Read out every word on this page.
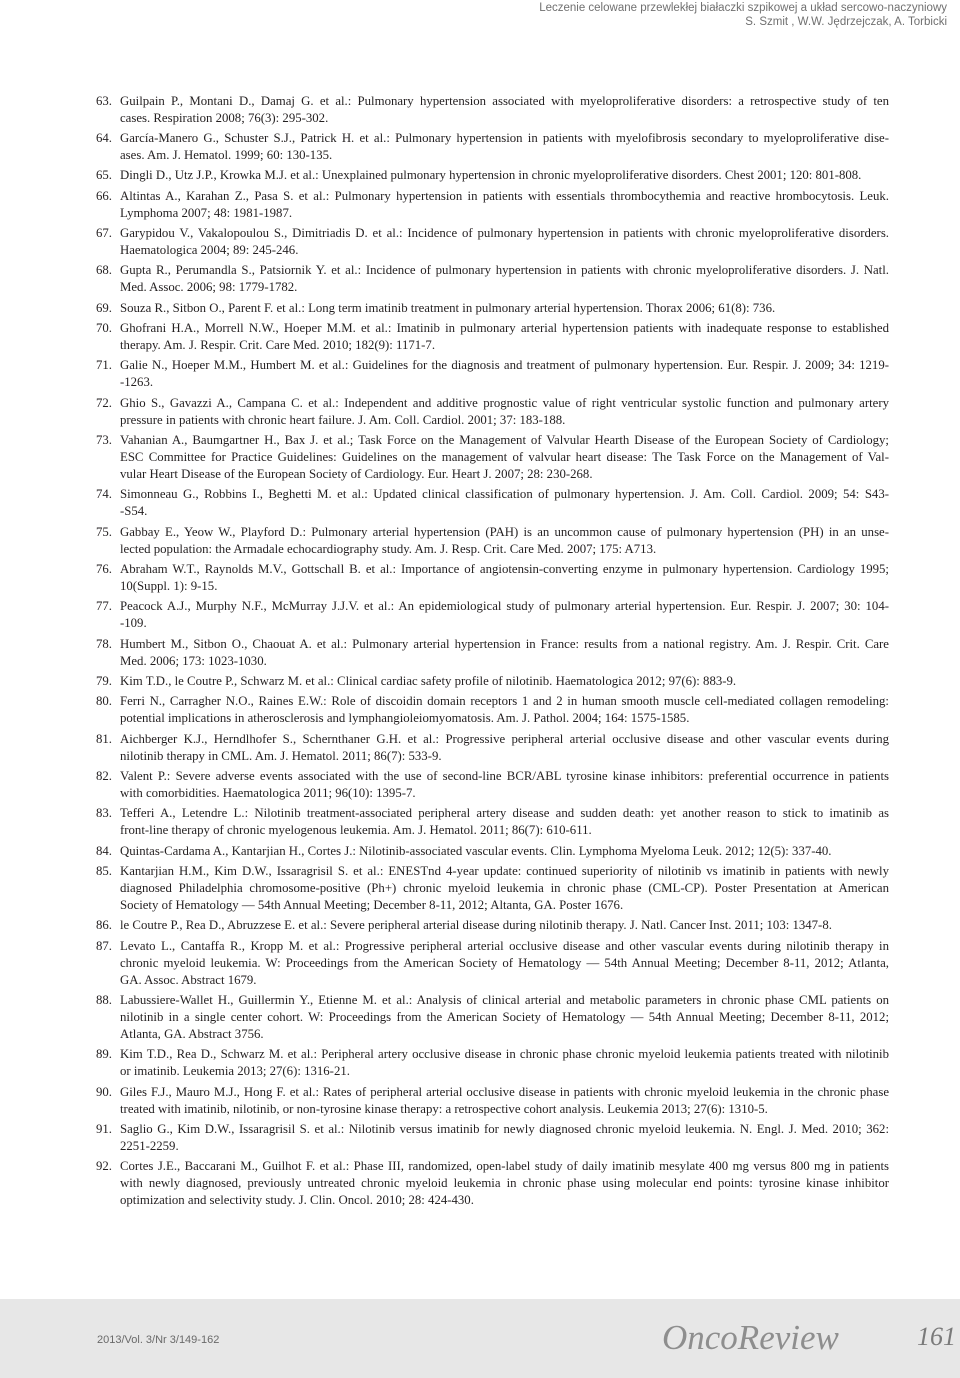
Leczenie celowane przewlekłej białaczki szpikowej a układ sercowo-naczyniowy
S. Szmit , W.W. Jędrzejczak, A. Torbicki
63. Guilpain P., Montani D., Damaj G. et al.: Pulmonary hypertension associated with myeloproliferative disorders: a retrospective study of ten
cases. Respiration 2008; 76(3): 295-302.
64. García-Manero G., Schuster S.J., Patrick H. et al.: Pulmonary hypertension in patients with myelofibrosis secondary to myeloproliferative dise-
ases. Am. J. Hematol. 1999; 60: 130-135.
65. Dingli D., Utz J.P., Krowka M.J. et al.: Unexplained pulmonary hypertension in chronic myeloproliferative disorders. Chest 2001; 120: 801-808.
66. Altintas A., Karahan Z., Pasa S. et al.: Pulmonary hypertension in patients with essentials thrombocythemia and reactive hrombocytosis. Leuk.
Lymphoma 2007; 48: 1981-1987.
67. Garypidou V., Vakalopoulou S., Dimitriadis D. et al.: Incidence of pulmonary hypertension in patients with chronic myeloproliferative disorders.
Haematologica 2004; 89: 245-246.
68. Gupta R., Perumandla S., Patsiornik Y. et al.: Incidence of pulmonary hypertension in patients with chronic myeloproliferative disorders. J. Natl.
Med. Assoc. 2006; 98: 1779-1782.
69. Souza R., Sitbon O., Parent F. et al.: Long term imatinib treatment in pulmonary arterial hypertension. Thorax 2006; 61(8): 736.
70. Ghofrani H.A., Morrell N.W., Hoeper M.M. et al.: Imatinib in pulmonary arterial hypertension patients with inadequate response to established
therapy. Am. J. Respir. Crit. Care Med. 2010; 182(9): 1171-7.
71. Galie N., Hoeper M.M., Humbert M. et al.: Guidelines for the diagnosis and treatment of pulmonary hypertension. Eur. Respir. J. 2009; 34: 1219-
-1263.
72. Ghio S., Gavazzi A., Campana C. et al.: Independent and additive prognostic value of right ventricular systolic function and pulmonary artery
pressure in patients with chronic heart failure. J. Am. Coll. Cardiol. 2001; 37: 183-188.
73. Vahanian A., Baumgartner H., Bax J. et al.; Task Force on the Management of Valvular Hearth Disease of the European Society of Cardiology;
ESC Committee for Practice Guidelines: Guidelines on the management of valvular heart disease: The Task Force on the Management of Val-
vular Heart Disease of the European Society of Cardiology. Eur. Heart J. 2007; 28: 230-268.
74. Simonneau G., Robbins I., Beghetti M. et al.: Updated clinical classification of pulmonary hypertension. J. Am. Coll. Cardiol. 2009; 54: S43-
-S54.
75. Gabbay E., Yeow W., Playford D.: Pulmonary arterial hypertension (PAH) is an uncommon cause of pulmonary hypertension (PH) in an unse-
lected population: the Armadale echocardiography study. Am. J. Resp. Crit. Care Med. 2007; 175: A713.
76. Abraham W.T., Raynolds M.V., Gottschall B. et al.: Importance of angiotensin-converting enzyme in pulmonary hypertension. Cardiology 1995;
10(Suppl. 1): 9-15.
77. Peacock A.J., Murphy N.F., McMurray J.J.V. et al.: An epidemiological study of pulmonary arterial hypertension. Eur. Respir. J. 2007; 30: 104-
-109.
78. Humbert M., Sitbon O., Chaouat A. et al.: Pulmonary arterial hypertension in France: results from a national registry. Am. J. Respir. Crit. Care
Med. 2006; 173: 1023-1030.
79. Kim T.D., le Coutre P., Schwarz M. et al.: Clinical cardiac safety profile of nilotinib. Haematologica 2012; 97(6): 883-9.
80. Ferri N., Carragher N.O., Raines E.W.: Role of discoidin domain receptors 1 and 2 in human smooth muscle cell-mediated collagen remodeling:
potential implications in atherosclerosis and lymphangioleiomyomatosis. Am. J. Pathol. 2004; 164: 1575-1585.
81. Aichberger K.J., Herndlhofer S., Schernthaner G.H. et al.: Progressive peripheral arterial occlusive disease and other vascular events during
nilotinib therapy in CML. Am. J. Hematol. 2011; 86(7): 533-9.
82. Valent P.: Severe adverse events associated with the use of second-line BCR/ABL tyrosine kinase inhibitors: preferential occurrence in patients
with comorbidities. Haematologica 2011; 96(10): 1395-7.
83. Tefferi A., Letendre L.: Nilotinib treatment-associated peripheral artery disease and sudden death: yet another reason to stick to imatinib as
front-line therapy of chronic myelogenous leukemia. Am. J. Hematol. 2011; 86(7): 610-611.
84. Quintas-Cardama A., Kantarjian H., Cortes J.: Nilotinib-associated vascular events. Clin. Lymphoma Myeloma Leuk. 2012; 12(5): 337-40.
85. Kantarjian H.M., Kim D.W., Issaragrisil S. et al.: ENESTnd 4-year update: continued superiority of nilotinib vs imatinib in patients with newly
diagnosed Philadelphia chromosome-positive (Ph+) chronic myeloid leukemia in chronic phase (CML-CP). Poster Presentation at American
Society of Hematology — 54th Annual Meeting; December 8-11, 2012; Altanta, GA. Poster 1676.
86. le Coutre P., Rea D., Abruzzese E. et al.: Severe peripheral arterial disease during nilotinib therapy. J. Natl. Cancer Inst. 2011; 103: 1347-8.
87. Levato L., Cantaffa R., Kropp M. et al.: Progressive peripheral arterial occlusive disease and other vascular events during nilotinib therapy in
chronic myeloid leukemia. W: Proceedings from the American Society of Hematology — 54th Annual Meeting; December 8-11, 2012; Atlanta,
GA. Assoc. Abstract 1679.
88. Labussiere-Wallet H., Guillermin Y., Etienne M. et al.: Analysis of clinical arterial and metabolic parameters in chronic phase CML patients on
nilotinib in a single center cohort. W: Proceedings from the American Society of Hematology — 54th Annual Meeting; December 8-11, 2012;
Atlanta, GA. Abstract 3756.
89. Kim T.D., Rea D., Schwarz M. et al.: Peripheral artery occlusive disease in chronic phase chronic myeloid leukemia patients treated with nilotinib
or imatinib. Leukemia 2013; 27(6): 1316-21.
90. Giles F.J., Mauro M.J., Hong F. et al.: Rates of peripheral arterial occlusive disease in patients with chronic myeloid leukemia in the chronic phase
treated with imatinib, nilotinib, or non-tyrosine kinase therapy: a retrospective cohort analysis. Leukemia 2013; 27(6): 1310-5.
91. Saglio G., Kim D.W., Issaragrisil S. et al.: Nilotinib versus imatinib for newly diagnosed chronic myeloid leukemia. N. Engl. J. Med. 2010; 362:
2251-2259.
92. Cortes J.E., Baccarani M., Guilhot F. et al.: Phase III, randomized, open-label study of daily imatinib mesylate 400 mg versus 800 mg in patients
with newly diagnosed, previously untreated chronic myeloid leukemia in chronic phase using molecular end points: tyrosine kinase inhibitor
optimization and selectivity study. J. Clin. Oncol. 2010; 28: 424-430.
2013/Vol. 3/Nr 3/149-162	OncoReview	161
